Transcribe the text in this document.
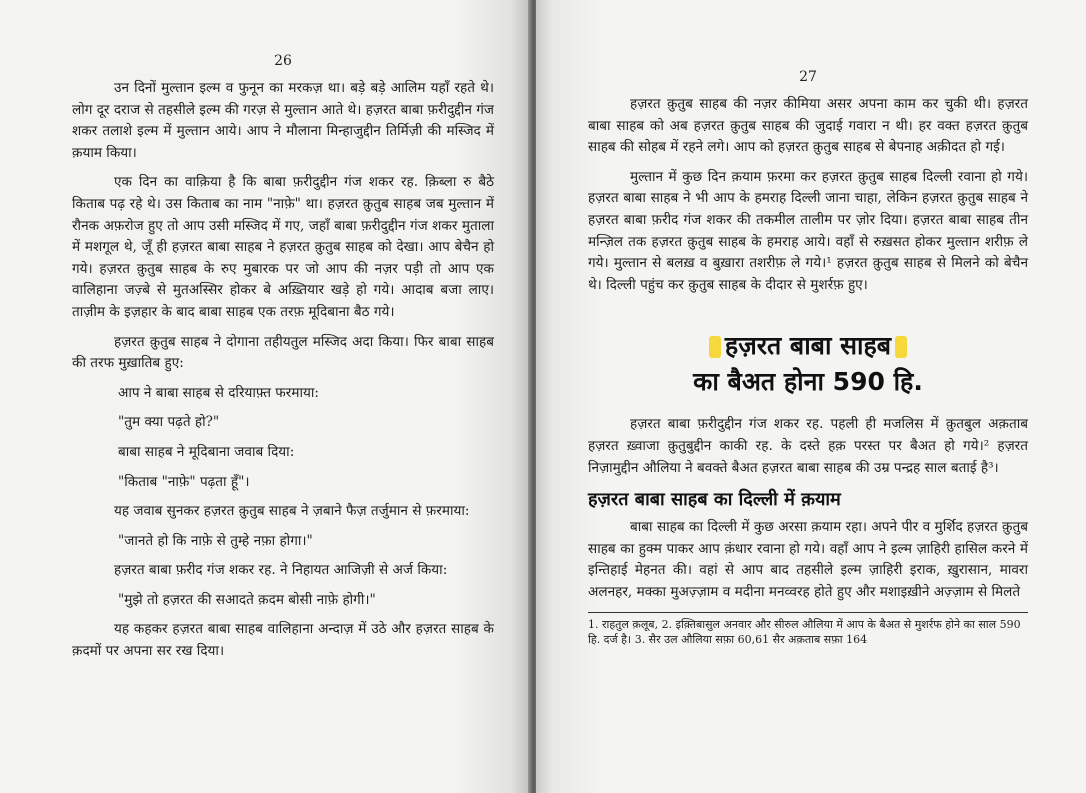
26

उन दिनों मुल्तान इल्म व फुनून का मरकज़ था। बड़े बड़े आलिम यहाँ रहते थे। लोग दूर दराज से तहसीले इल्म की गरज़ से मुल्तान आते थे। हज़रत बाबा फ़रीदुद्दीन गंज शकर तलाशे इल्म में मुल्तान आये। आप ने मौलाना मिन्हाजुद्दीन तिर्मिज़ी की मस्जिद में क़याम किया।

एक दिन का वाक़िया है कि बाबा फ़रीदुद्दीन गंज शकर रह. क़िब्ला रु बैठे किताब पढ़ रहे थे। उस किताब का नाम "नाफ़े" था। हज़रत क़ुतुब साहब जब मुल्तान में रौनक अफ़रोज हुए तो आप उसी मस्जिद में गए, जहाँ बाबा फ़रीदुद्दीन गंज शकर मुताला में मशगूल थे, जूँ ही हज़रत बाबा साहब ने हज़रत क़ुतुब साहब को देखा। आप बेचैन हो गये। हज़रत क़ुतुब साहब के रुए मुबारक पर जो आप की नज़र पड़ी तो आप एक वालिहाना जज़्बे से मुतअस्सिर होकर बे अख़्तियार खड़े हो गये। आदाब बजा लाए। ताज़ीम के इज़हार के बाद बाबा साहब एक तरफ़ मूदिबाना बैठ गये।

हज़रत क़ुतुब साहब ने दोगाना तहीयतुल मस्जिद अदा किया। फिर बाबा साहब की तरफ मुख़ातिब हुए:

आप ने बाबा साहब से दरियाफ़्त फरमाया:

"तुम क्या पढ़ते हो?"

बाबा साहब ने मूदिबाना जवाब दिया:

"किताब "नाफ़े" पढ़ता हूँ"।

यह जवाब सुनकर हज़रत क़ुतुब साहब ने ज़बाने फैज़ तर्जुमान से फ़रमाया:

"जानते हो कि नाफ़े से तुम्हे नफ़ा होगा।"

हज़रत बाबा फ़रीद गंज शकर रह. ने निहायत आजिज़ी से अर्ज किया:

"मुझे तो हज़रत की सआदते क़दम बोसी नाफ़े होगी।"

यह कहकर हज़रत बाबा साहब वालिहाना अन्दाज़ में उठे और हज़रत साहब के क़दमों पर अपना सर रख दिया।

27

हज़रत क़ुतुब साहब की नज़र कीमिया असर अपना काम कर चुकी थी। हज़रत बाबा साहब को अब हज़रत क़ुतुब साहब की जुदाई गवारा न थी। हर वक्त हज़रत क़ुतुब साहब की सोहब में रहने लगे। आप को हज़रत क़ुतुब साहब से बेपनाह अक़ीदत हो गई।

मुल्तान में कुछ दिन क़याम फ़रमा कर हज़रत क़ुतुब साहब दिल्ली रवाना हो गये। हज़रत बाबा साहब ने भी आप के हमराह दिल्ली जाना चाहा, लेकिन हज़रत क़ुतुब साहब ने हज़रत बाबा फ़रीद गंज शकर की तकमील तालीम पर ज़ोर दिया। हज़रत बाबा साहब तीन मन्ज़िल तक हज़रत क़ुतुब साहब के हमराह आये। वहाँ से रुख़सत होकर मुल्तान शरीफ़ ले गये। मुल्तान से बलख़ व बुख़ारा तशरीफ़ ले गये।¹ हज़रत क़ुतुब साहब से मिलने को बेचैन थे। दिल्ली पहुंच कर क़ुतुब साहब के दीदार से मुशर्रफ़ हुए।

हज़रत बाबा साहब
का बैअत होना 590 हि.

हज़रत बाबा फ़रीदुद्दीन गंज शकर रह. पहली ही मजलिस में क़ुतबुल अक़ताब हज़रत ख़्वाजा क़ुतुबुद्दीन काकी रह. के दस्ते हक़ परस्त पर बैअत हो गये।² हज़रत निज़ामुद्दीन औलिया ने बवक्ते बैअत हज़रत बाबा साहब की उम्र पन्द्रह साल बताई है³।

हज़रत बाबा साहब का दिल्ली में क़याम

बाबा साहब का दिल्ली में कुछ अरसा क़याम रहा। अपने पीर व मुर्शिद हज़रत क़ुतुब साहब का हुक्म पाकर आप क़ंधार रवाना हो गये। वहाँ आप ने इल्म ज़ाहिरी हासिल करने में इन्तिहाई मेहनत की। वहां से आप बाद तहसीले इल्म ज़ाहिरी इराक, ख़ुरासान, मावरा अलनहर, मक्का मुअज़्ज़ाम व मदीना मनव्वरह होते हुए और मशाइख़ीने अज़्ज़ाम से मिलते

1. राहतुल क़लूब, 2. इक़्तिबासुल अनवार और सीरुल औलिया में आप के बैअत से मुशर्रफ होने का साल 590 हि. दर्ज है। 3. सैर उल औलिया सफ़ा 60,61 सैर अक़ताब सफ़ा 164
